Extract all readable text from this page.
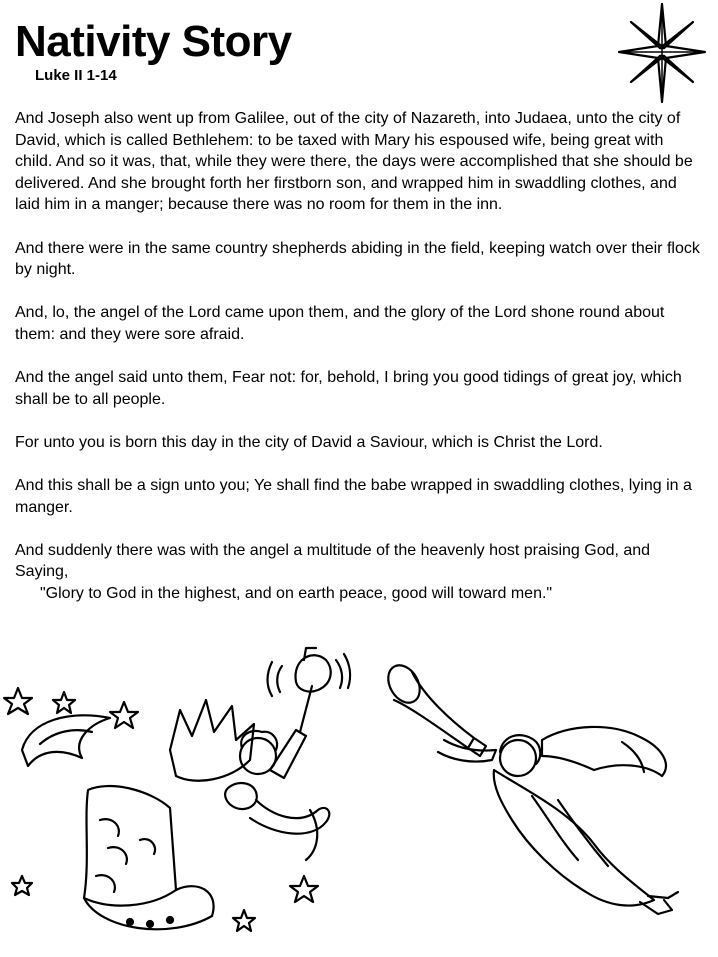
Nativity Story
Luke II 1-14

And Joseph also went up from Galilee, out of the city of Nazareth, into Judaea, unto the city of David, which is called Bethlehem: to be taxed with Mary his espoused wife, being great with child. And so it was, that, while they were there, the days were accomplished that she should be delivered. And she brought forth her firstborn son, and wrapped him in swaddling clothes, and laid him in a manger; because there was no room for them in the inn.

And there were in the same country shepherds abiding in the field, keeping watch over their flock by night.

And, lo, the angel of the Lord came upon them, and the glory of the Lord shone round about them: and they were sore afraid.

And the angel said unto them, Fear not: for, behold, I bring you good tidings of great joy, which shall be to all people.

For unto you is born this day in the city of David a Saviour, which is Christ the Lord.

And this shall be a sign unto you; Ye shall find the babe wrapped in swaddling clothes, lying in a manger.

And suddenly there was with the angel a multitude of the heavenly host praising God, and Saying,
"Glory to God in the highest, and on earth peace, good will toward men."
